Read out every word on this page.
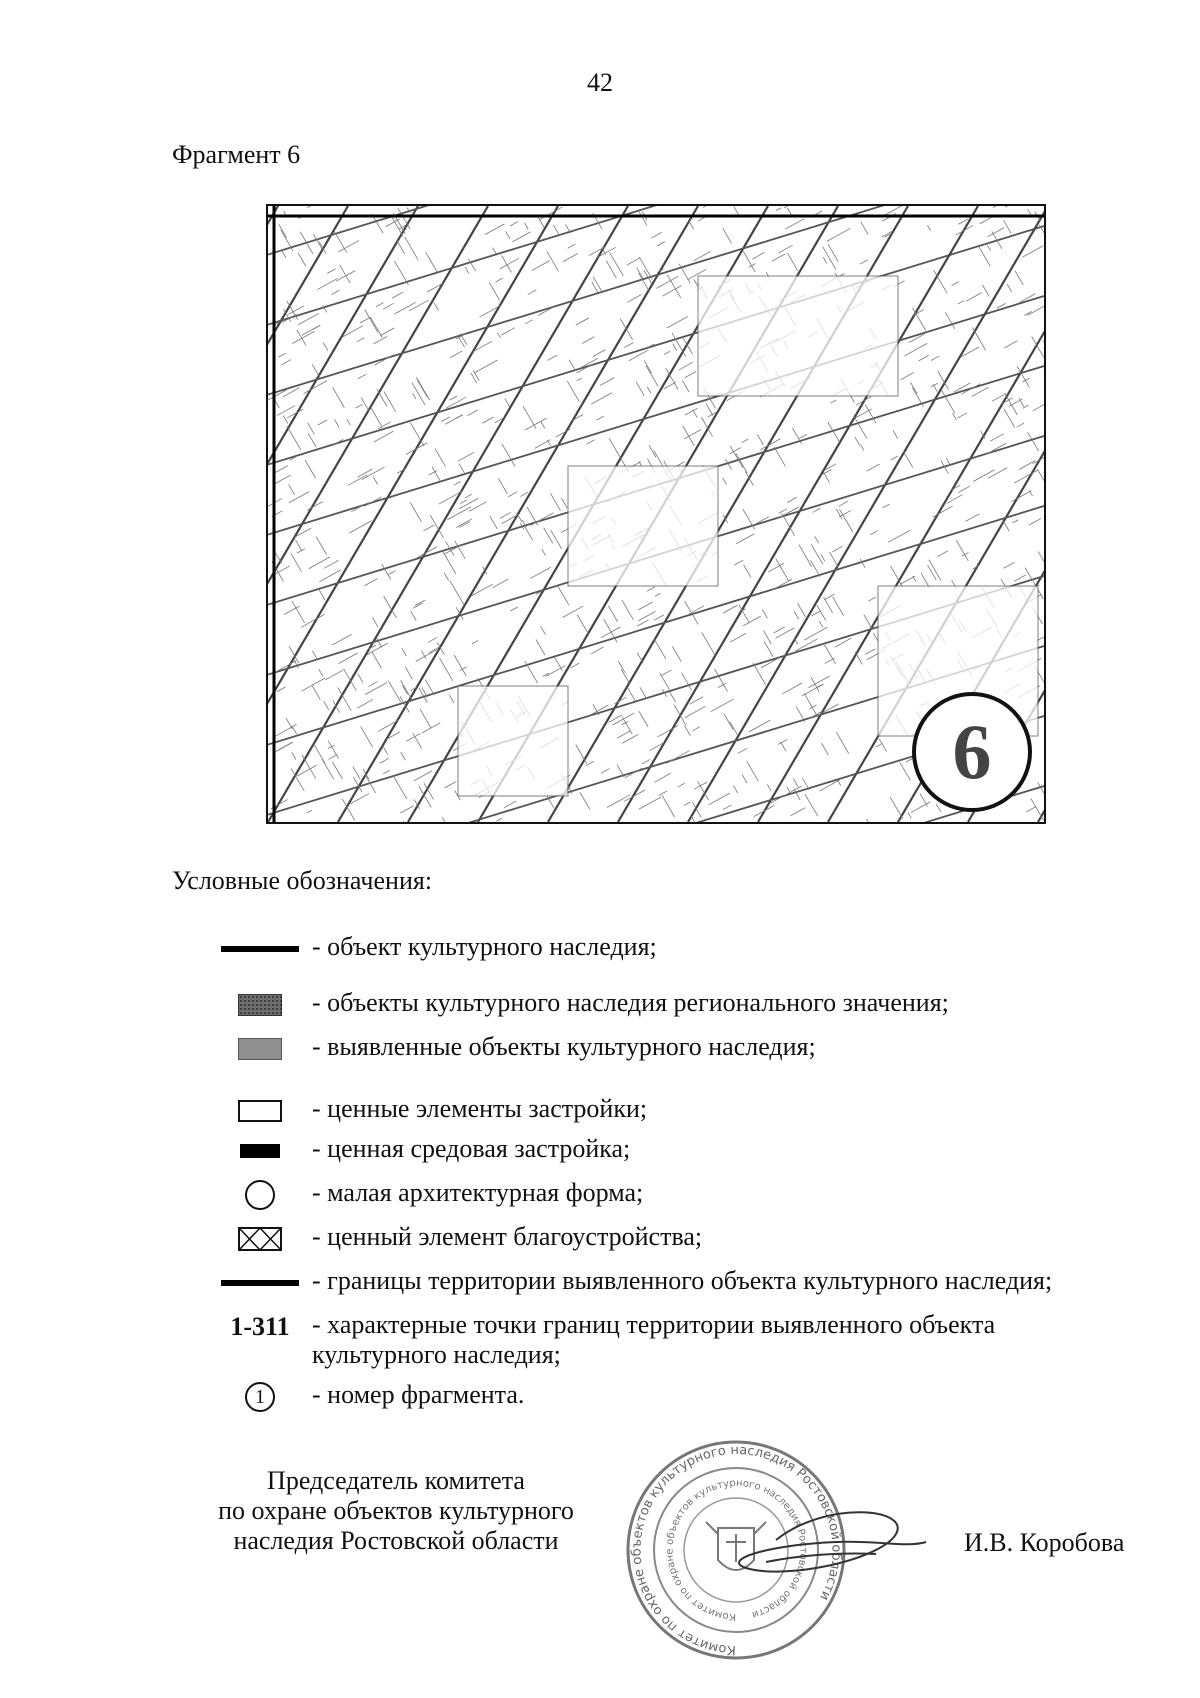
42
Фрагмент 6
6
Условные обозначения:
- объект культурного наследия;
- объекты культурного наследия регионального значения;
- выявленные объекты культурного наследия;
- ценные элементы застройки;
- ценная средовая застройка;
- малая архитектурная форма;
- ценный элемент благоустройства;
- границы территории выявленного объекта культурного наследия;
1-311 - характерные точки границ территории выявленного объекта культурного наследия;
1	- номер фрагмента.
Председатель комитета
по охране объектов культурного
наследия Ростовской области
Комитет по охране объектов культурного наследия Ростовской области
Комитет по охране объектов культурного наследия Ростовской области
И.В. Коробова
